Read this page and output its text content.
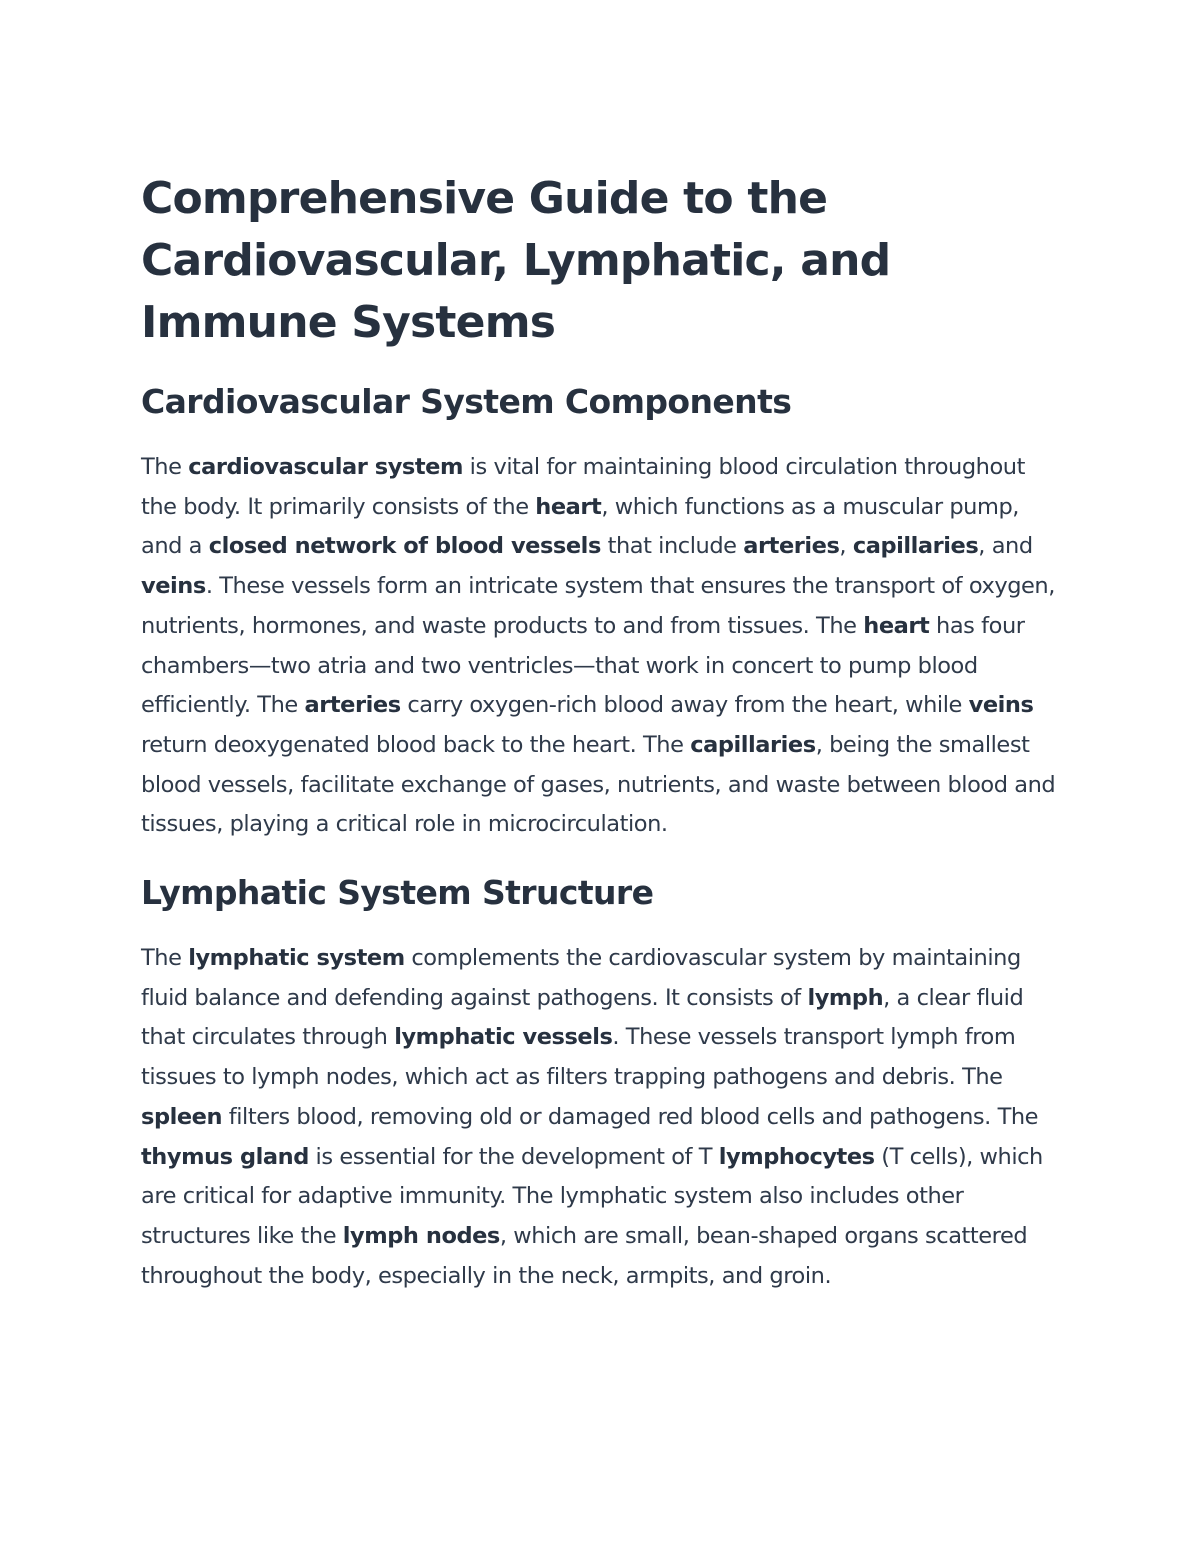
Comprehensive Guide to the Cardiovascular, Lymphatic, and Immune Systems
Cardiovascular System Components

The cardiovascular system is vital for maintaining blood circulation throughout the body. It primarily consists of the heart, which functions as a muscular pump, and a closed network of blood vessels that include arteries, capillaries, and veins. These vessels form an intricate system that ensures the transport of oxygen, nutrients, hormones, and waste products to and from tissues. The heart has four chambers—two atria and two ventricles—that work in concert to pump blood efficiently. The arteries carry oxygen-rich blood away from the heart, while veins return deoxygenated blood back to the heart. The capillaries, being the smallest blood vessels, facilitate exchange of gases, nutrients, and waste between blood and tissues, playing a critical role in microcirculation.

Lymphatic System Structure

The lymphatic system complements the cardiovascular system by maintaining fluid balance and defending against pathogens. It consists of lymph, a clear fluid that circulates through lymphatic vessels. These vessels transport lymph from tissues to lymph nodes, which act as filters trapping pathogens and debris. The spleen filters blood, removing old or damaged red blood cells and pathogens. The thymus gland is essential for the development of T lymphocytes (T cells), which are critical for adaptive immunity. The lymphatic system also includes other structures like the lymph nodes, which are small, bean-shaped organs scattered throughout the body, especially in the neck, armpits, and groin.
